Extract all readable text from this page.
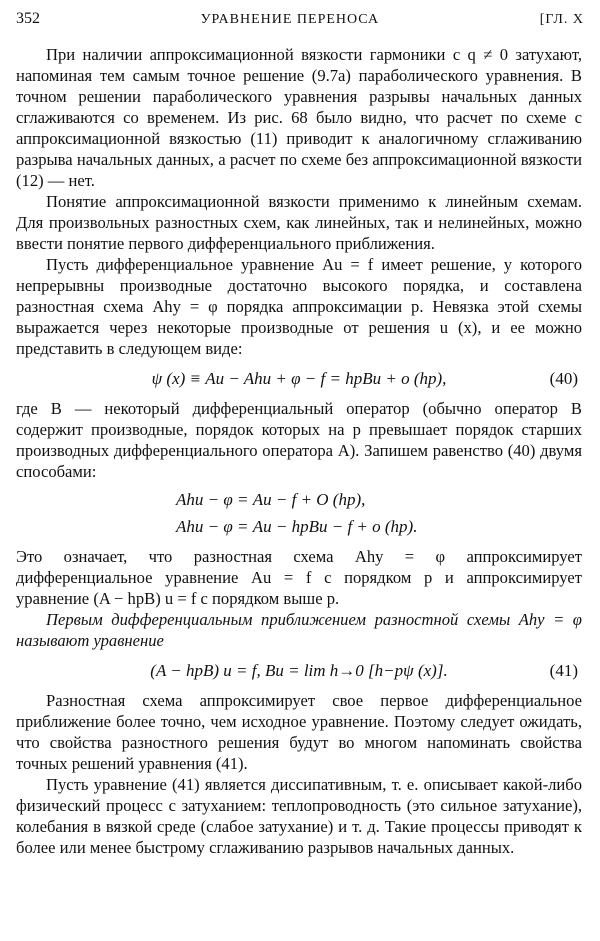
352	УРАВНЕНИЕ ПЕРЕНОСА	[ГЛ. X

При наличии аппроксимационной вязкости гармоники с q ≠ 0 затухают, напоминая тем самым точное решение (9.7а) параболического уравнения. В точном решении параболического уравнения разрывы начальных данных сглаживаются со временем. Из рис. 68 было видно, что расчет по схеме с аппроксимационной вязкостью (11) приводит к аналогичному сглаживанию разрыва начальных данных, а расчет по схеме без аппроксимационной вязкости (12) — нет.

Понятие аппроксимационной вязкости применимо к линейным схемам. Для произвольных разностных схем, как линейных, так и нелинейных, можно ввести понятие первого дифференциального приближения.

Пусть дифференциальное уравнение Au = f имеет решение, у которого непрерывны производные достаточно высокого порядка, и составлена разностная схема Ahy = φ порядка аппроксимации p. Невязка этой схемы выражается через некоторые производные от решения u (x), и ее можно представить в следующем виде:

ψ (x) ≡ Au − Ahu + φ − f = hpBu + o (hp),	(40)

где B — некоторый дифференциальный оператор (обычно оператор B содержит производные, порядок которых на p превышает порядок старших производных дифференциального оператора A). Запишем равенство (40) двумя способами:

Ahu − φ = Au − f + O (hp),
Ahu − φ = Au − hpBu − f + o (hp).

Это означает, что разностная схема Ahy = φ аппроксимирует дифференциальное уравнение Au = f с порядком p и аппроксимирует уравнение (A − hpB) u = f с порядком выше p.

Первым дифференциальным приближением разностной схемы Ahy = φ называют уравнение

(A − hpB) u = f, Bu = lim h→0 [h−pψ (x)].	(41)

Разностная схема аппроксимирует свое первое дифференциальное приближение более точно, чем исходное уравнение. Поэтому следует ожидать, что свойства разностного решения будут во многом напоминать свойства точных решений уравнения (41).

Пусть уравнение (41) является диссипативным, т. е. описывает какой-либо физический процесс с затуханием: теплопроводность (это сильное затухание), колебания в вязкой среде (слабое затухание) и т. д. Такие процессы приводят к более или менее быстрому сглаживанию разрывов начальных данных.
